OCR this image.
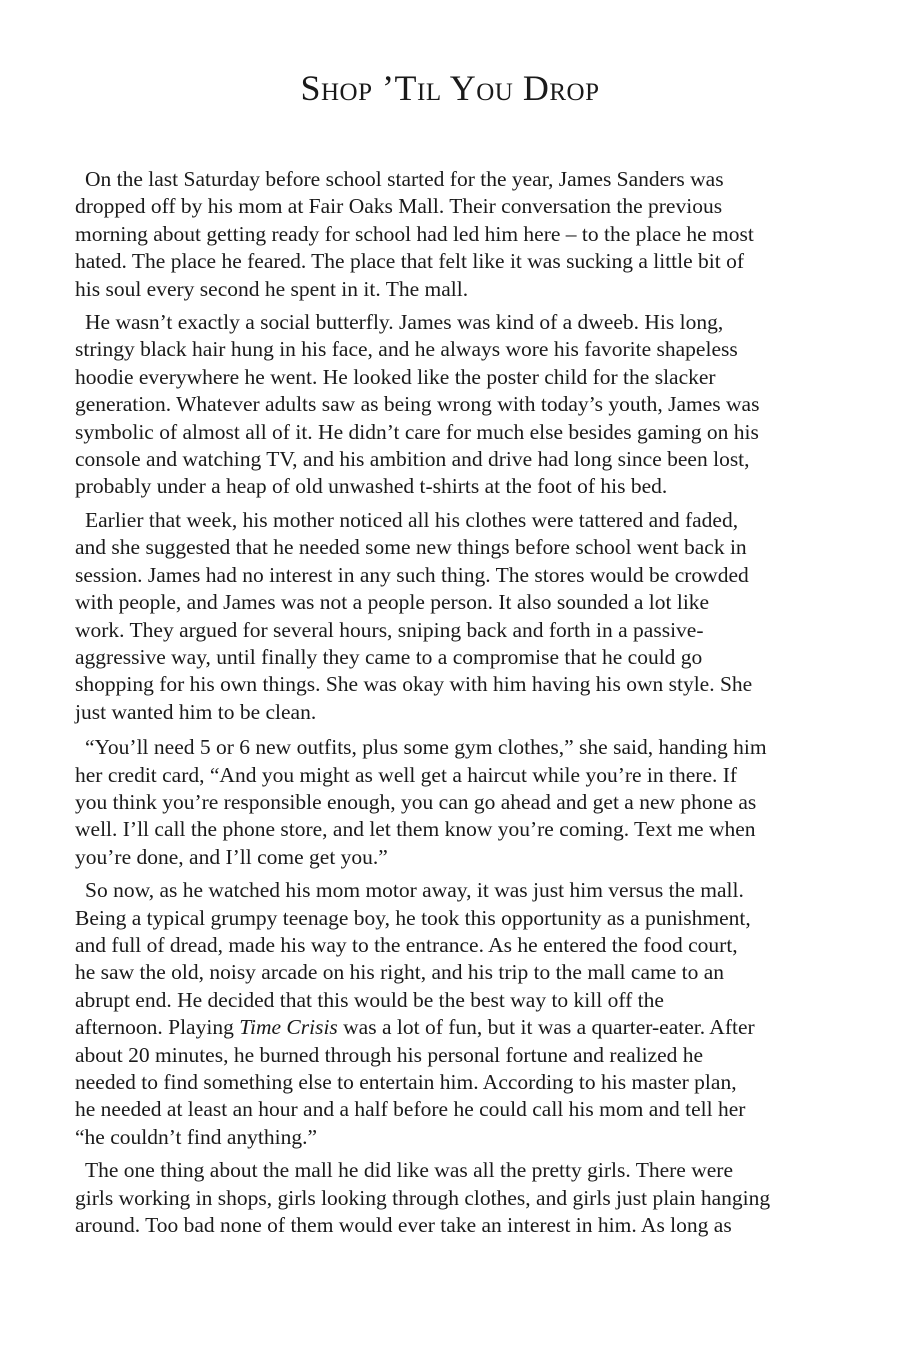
Shop ’Til You Drop

On the last Saturday before school started for the year, James Sanders was
dropped off by his mom at Fair Oaks Mall. Their conversation the previous
morning about getting ready for school had led him here – to the place he most
hated. The place he feared. The place that felt like it was sucking a little bit of
his soul every second he spent in it. The mall.

He wasn’t exactly a social butterfly. James was kind of a dweeb. His long,
stringy black hair hung in his face, and he always wore his favorite shapeless
hoodie everywhere he went. He looked like the poster child for the slacker
generation. Whatever adults saw as being wrong with today’s youth, James was
symbolic of almost all of it. He didn’t care for much else besides gaming on his
console and watching TV, and his ambition and drive had long since been lost,
probably under a heap of old unwashed t-shirts at the foot of his bed.

Earlier that week, his mother noticed all his clothes were tattered and faded,
and she suggested that he needed some new things before school went back in
session. James had no interest in any such thing. The stores would be crowded
with people, and James was not a people person. It also sounded a lot like
work. They argued for several hours, sniping back and forth in a passive-
aggressive way, until finally they came to a compromise that he could go
shopping for his own things. She was okay with him having his own style. She
just wanted him to be clean.

“You’ll need 5 or 6 new outfits, plus some gym clothes,” she said, handing him
her credit card, “And you might as well get a haircut while you’re in there. If
you think you’re responsible enough, you can go ahead and get a new phone as
well. I’ll call the phone store, and let them know you’re coming. Text me when
you’re done, and I’ll come get you.”

So now, as he watched his mom motor away, it was just him versus the mall.
Being a typical grumpy teenage boy, he took this opportunity as a punishment,
and full of dread, made his way to the entrance. As he entered the food court,
he saw the old, noisy arcade on his right, and his trip to the mall came to an
abrupt end. He decided that this would be the best way to kill off the
afternoon. Playing Time Crisis was a lot of fun, but it was a quarter-eater. After
about 20 minutes, he burned through his personal fortune and realized he
needed to find something else to entertain him. According to his master plan,
he needed at least an hour and a half before he could call his mom and tell her
“he couldn’t find anything.”

The one thing about the mall he did like was all the pretty girls. There were
girls working in shops, girls looking through clothes, and girls just plain hanging
around. Too bad none of them would ever take an interest in him. As long as
